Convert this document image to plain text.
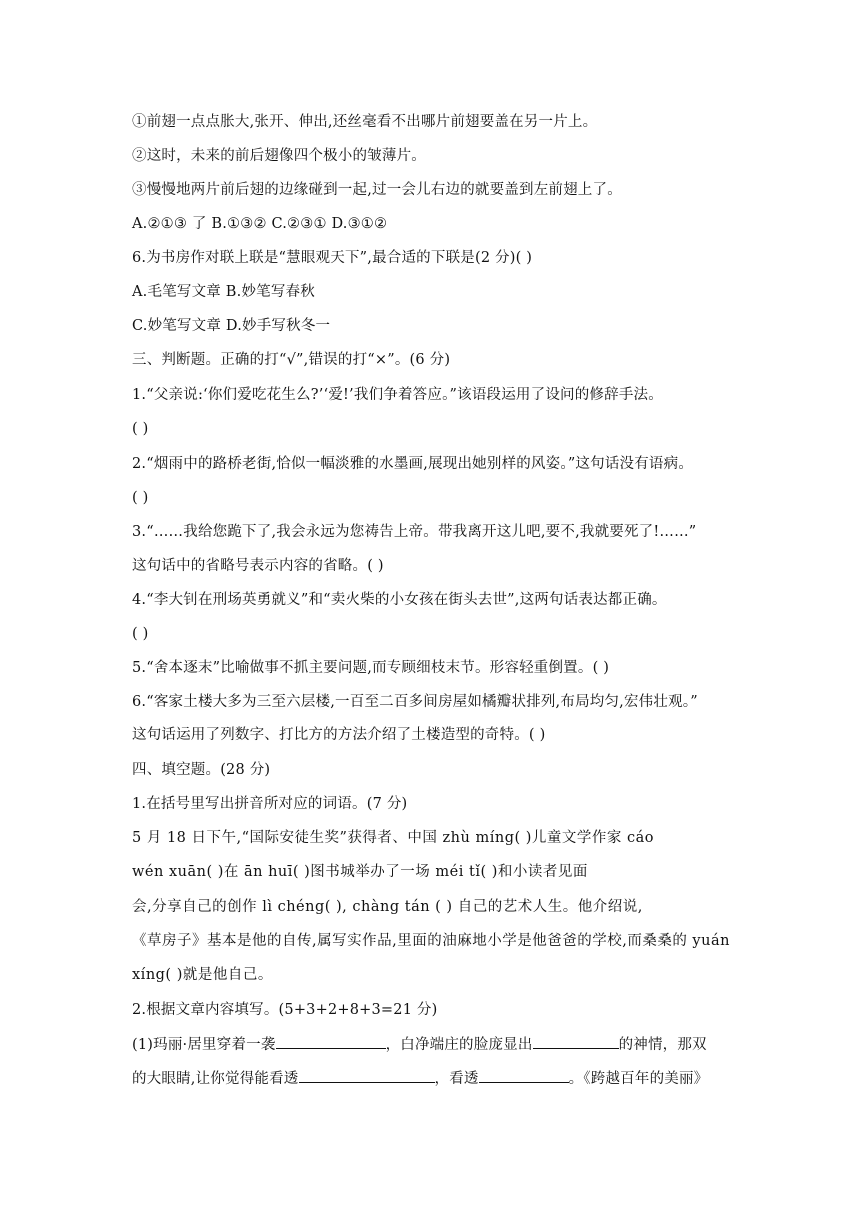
①前翅一点点胀大,张开、伸出,还丝毫看不出哪片前翅要盖在另一片上。
②这时，未来的前后翅像四个极小的皱薄片。
③慢慢地两片前后翅的边缘碰到一起,过一会儿右边的就要盖到左前翅上了。
A.②①③ 了 B.①③② C.②③① D.③①②
6.为书房作对联上联是“慧眼观天下”,最合适的下联是(2 分)( )
A.毛笔写文章 B.妙笔写春秋
C.妙笔写文章 D.妙手写秋冬一
三、判断题。正确的打“√”,错误的打“×”。(6 分)
1.“父亲说:‘你们爱吃花生么?’‘爱!’我们争着答应。”该语段运用了设问的修辞手法。
( )
2.“烟雨中的路桥老街,恰似一幅淡雅的水墨画,展现出她别样的风姿。”这句话没有语病。
( )
3.“……我给您跪下了,我会永远为您祷告上帝。带我离开这儿吧,要不,我就要死了!……”
这句话中的省略号表示内容的省略。( )
4.“李大钊在刑场英勇就义”和“卖火柴的小女孩在街头去世”,这两句话表达都正确。
( )
5.“舍本逐末”比喻做事不抓主要问题,而专顾细枝末节。形容轻重倒置。( )
6.“客家土楼大多为三至六层楼,一百至二百多间房屋如橘瓣状排列,布局均匀,宏伟壮观。”
这句话运用了列数字、打比方的方法介绍了土楼造型的奇特。( )
四、填空题。(28 分)
1.在括号里写出拼音所对应的词语。(7 分)
5 月 18 日下午,“国际安徒生奖”获得者、中国 zhù míng( )儿童文学作家 cáo
wén xuān( )在 ān huī( )图书城举办了一场 méi tǐ( )和小读者见面
会,分享自己的创作 lì chéng( ), chàng tán ( ) 自己的艺术人生。他介绍说,
《草房子》基本是他的自传,属写实作品,里面的油麻地小学是他爸爸的学校,而桑桑的 yuán
xíng( )就是他自己。
2.根据文章内容填写。(5+3+2+8+3=21 分)
(1)玛丽·居里穿着一袭	，白净端庄的脸庞显出	的神情，那双
的大眼睛,让你觉得能看透	，看透	。《跨越百年的美丽》
